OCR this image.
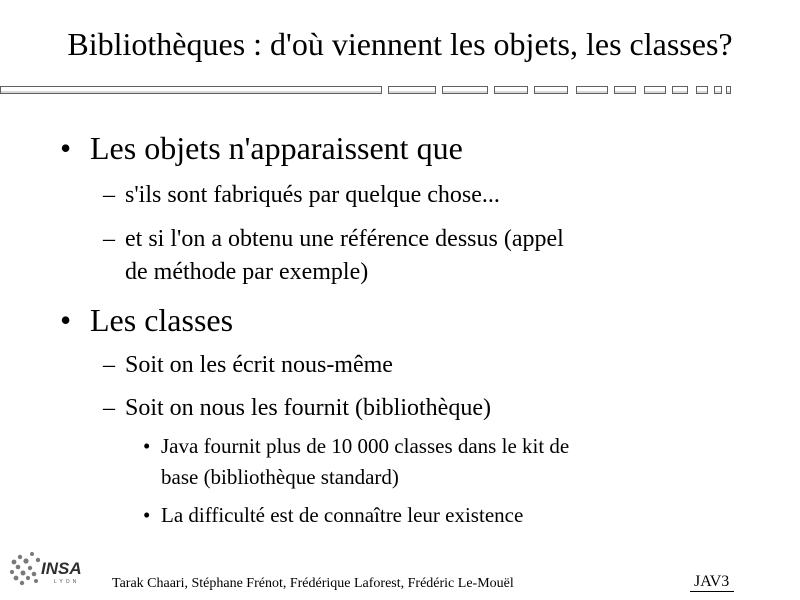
Bibliothèques : d'où viennent les objets, les classes?
• Les objets n'apparaissent que
– s'ils sont fabriqués par quelque chose...
– et si l'on a obtenu une référence dessus (appel
de méthode par exemple)
• Les classes
– Soit on les écrit nous-même
– Soit on nous les fournit (bibliothèque)
• Java fournit plus de 10 000 classes dans le kit de
base (bibliothèque standard)
• La difficulté est de connaître leur existence
INSA
LYON Tarak Chaari, Stéphane Frénot, Frédérique Laforest, Frédéric Le-Mouël	JAV3
